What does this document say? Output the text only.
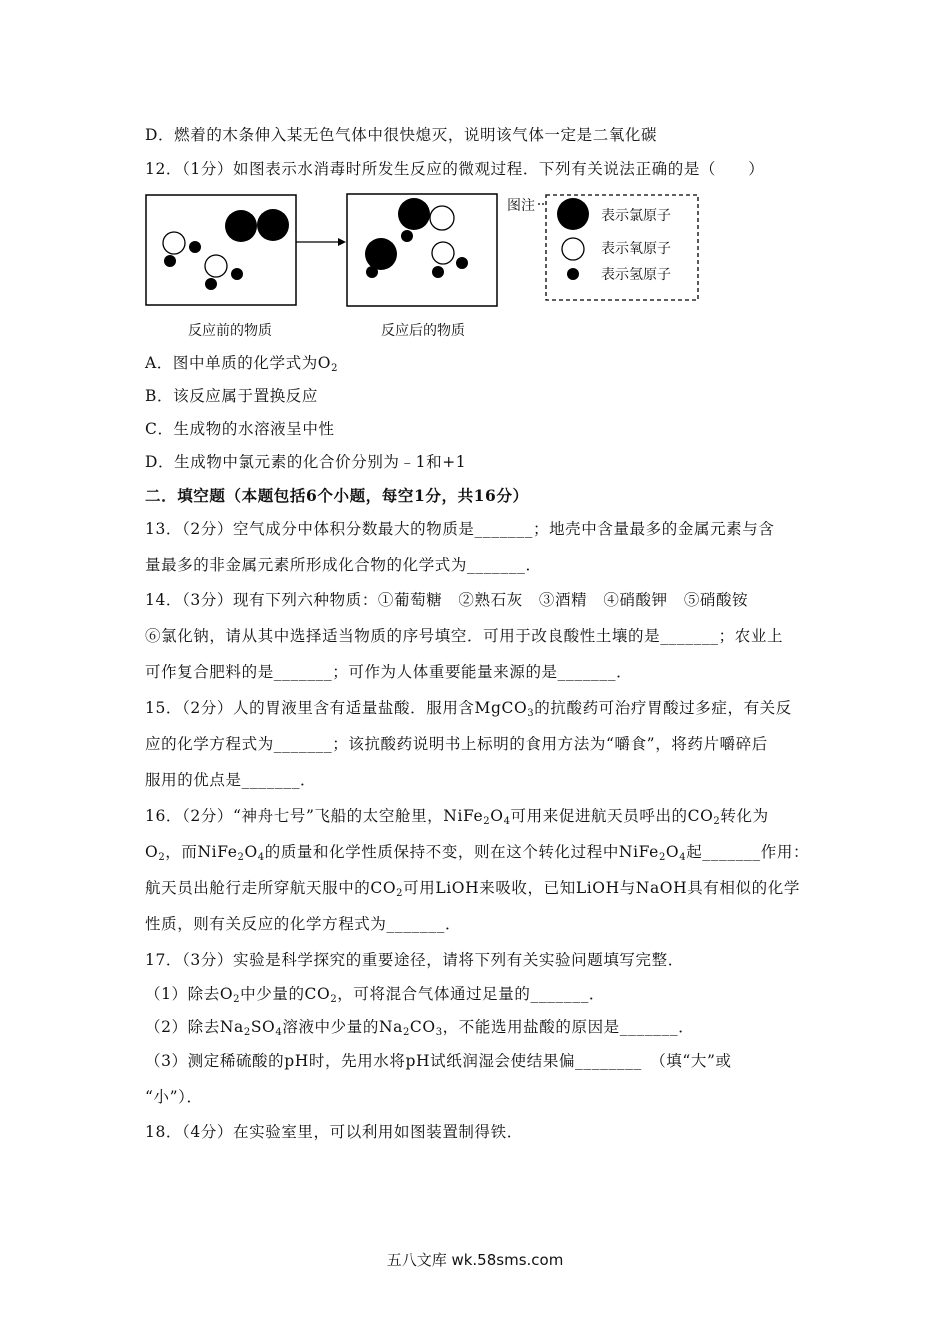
D．燃着的木条伸入某无色气体中很快熄灭，说明该气体一定是二氧化碳
12．（1分）如图表示水消毒时所发生反应的微观过程．下列有关说法正确的是（　　）
图注
表示氯原子
表示氧原子
表示氢原子
反应前的物质	反应后的物质
A．图中单质的化学式为$O_2$
B．该反应属于置换反应
C．生成物的水溶液呈中性
D．生成物中氯元素的化合价分别为﹣1和+1
二．填空题（本题包括6个小题，每空1分，共16分）
13．（2分）空气成分中体积分数最大的物质是_______；地壳中含量最多的金属元素与含
量最多的非金属元素所形成化合物的化学式为_______．
14．（3分）现有下列六种物质：①葡萄糖　②熟石灰　③酒精　④硝酸钾　⑤硝酸铵
⑥氯化钠，请从其中选择适当物质的序号填空．可用于改良酸性土壤的是_______；农业上
可作复合肥料的是_______；可作为人体重要能量来源的是_______．
15．（2分）人的胃液里含有适量盐酸．服用含MgCO$_3$的抗酸药可治疗胃酸过多症，有关反
应的化学方程式为_______；该抗酸药说明书上标明的食用方法为“嚼食”，将药片嚼碎后
服用的优点是_______．
16．（2分）“神舟七号”飞船的太空舱里，$NiFe_2O_4$可用来促进航天员呼出的$CO_2$转化为
$O_2$，而$NiFe_2O_4$的质量和化学性质保持不变，则在这个转化过程中$NiFe_2O_4$起_______作用：
航天员出舱行走所穿航天服中的$CO_2$可用LiOH来吸收，已知LiOH与NaOH具有相似的化学
性质，则有关反应的化学方程式为_______．
17．（3分）实验是科学探究的重要途径，请将下列有关实验问题填写完整．
（1）除去$O_2$中少量的$CO_2$，可将混合气体通过足量的_______．
（2）除去$Na_2SO_4$溶液中少量的$Na_2CO_3$，不能选用盐酸的原因是_______．
（3）测定稀硫酸的pH时，先用水将pH试纸润湿会使结果偏________　（填“大”或
“小”）．
18．（4分）在实验室里，可以利用如图装置制得铁．
五八文库 wk.58sms.com
